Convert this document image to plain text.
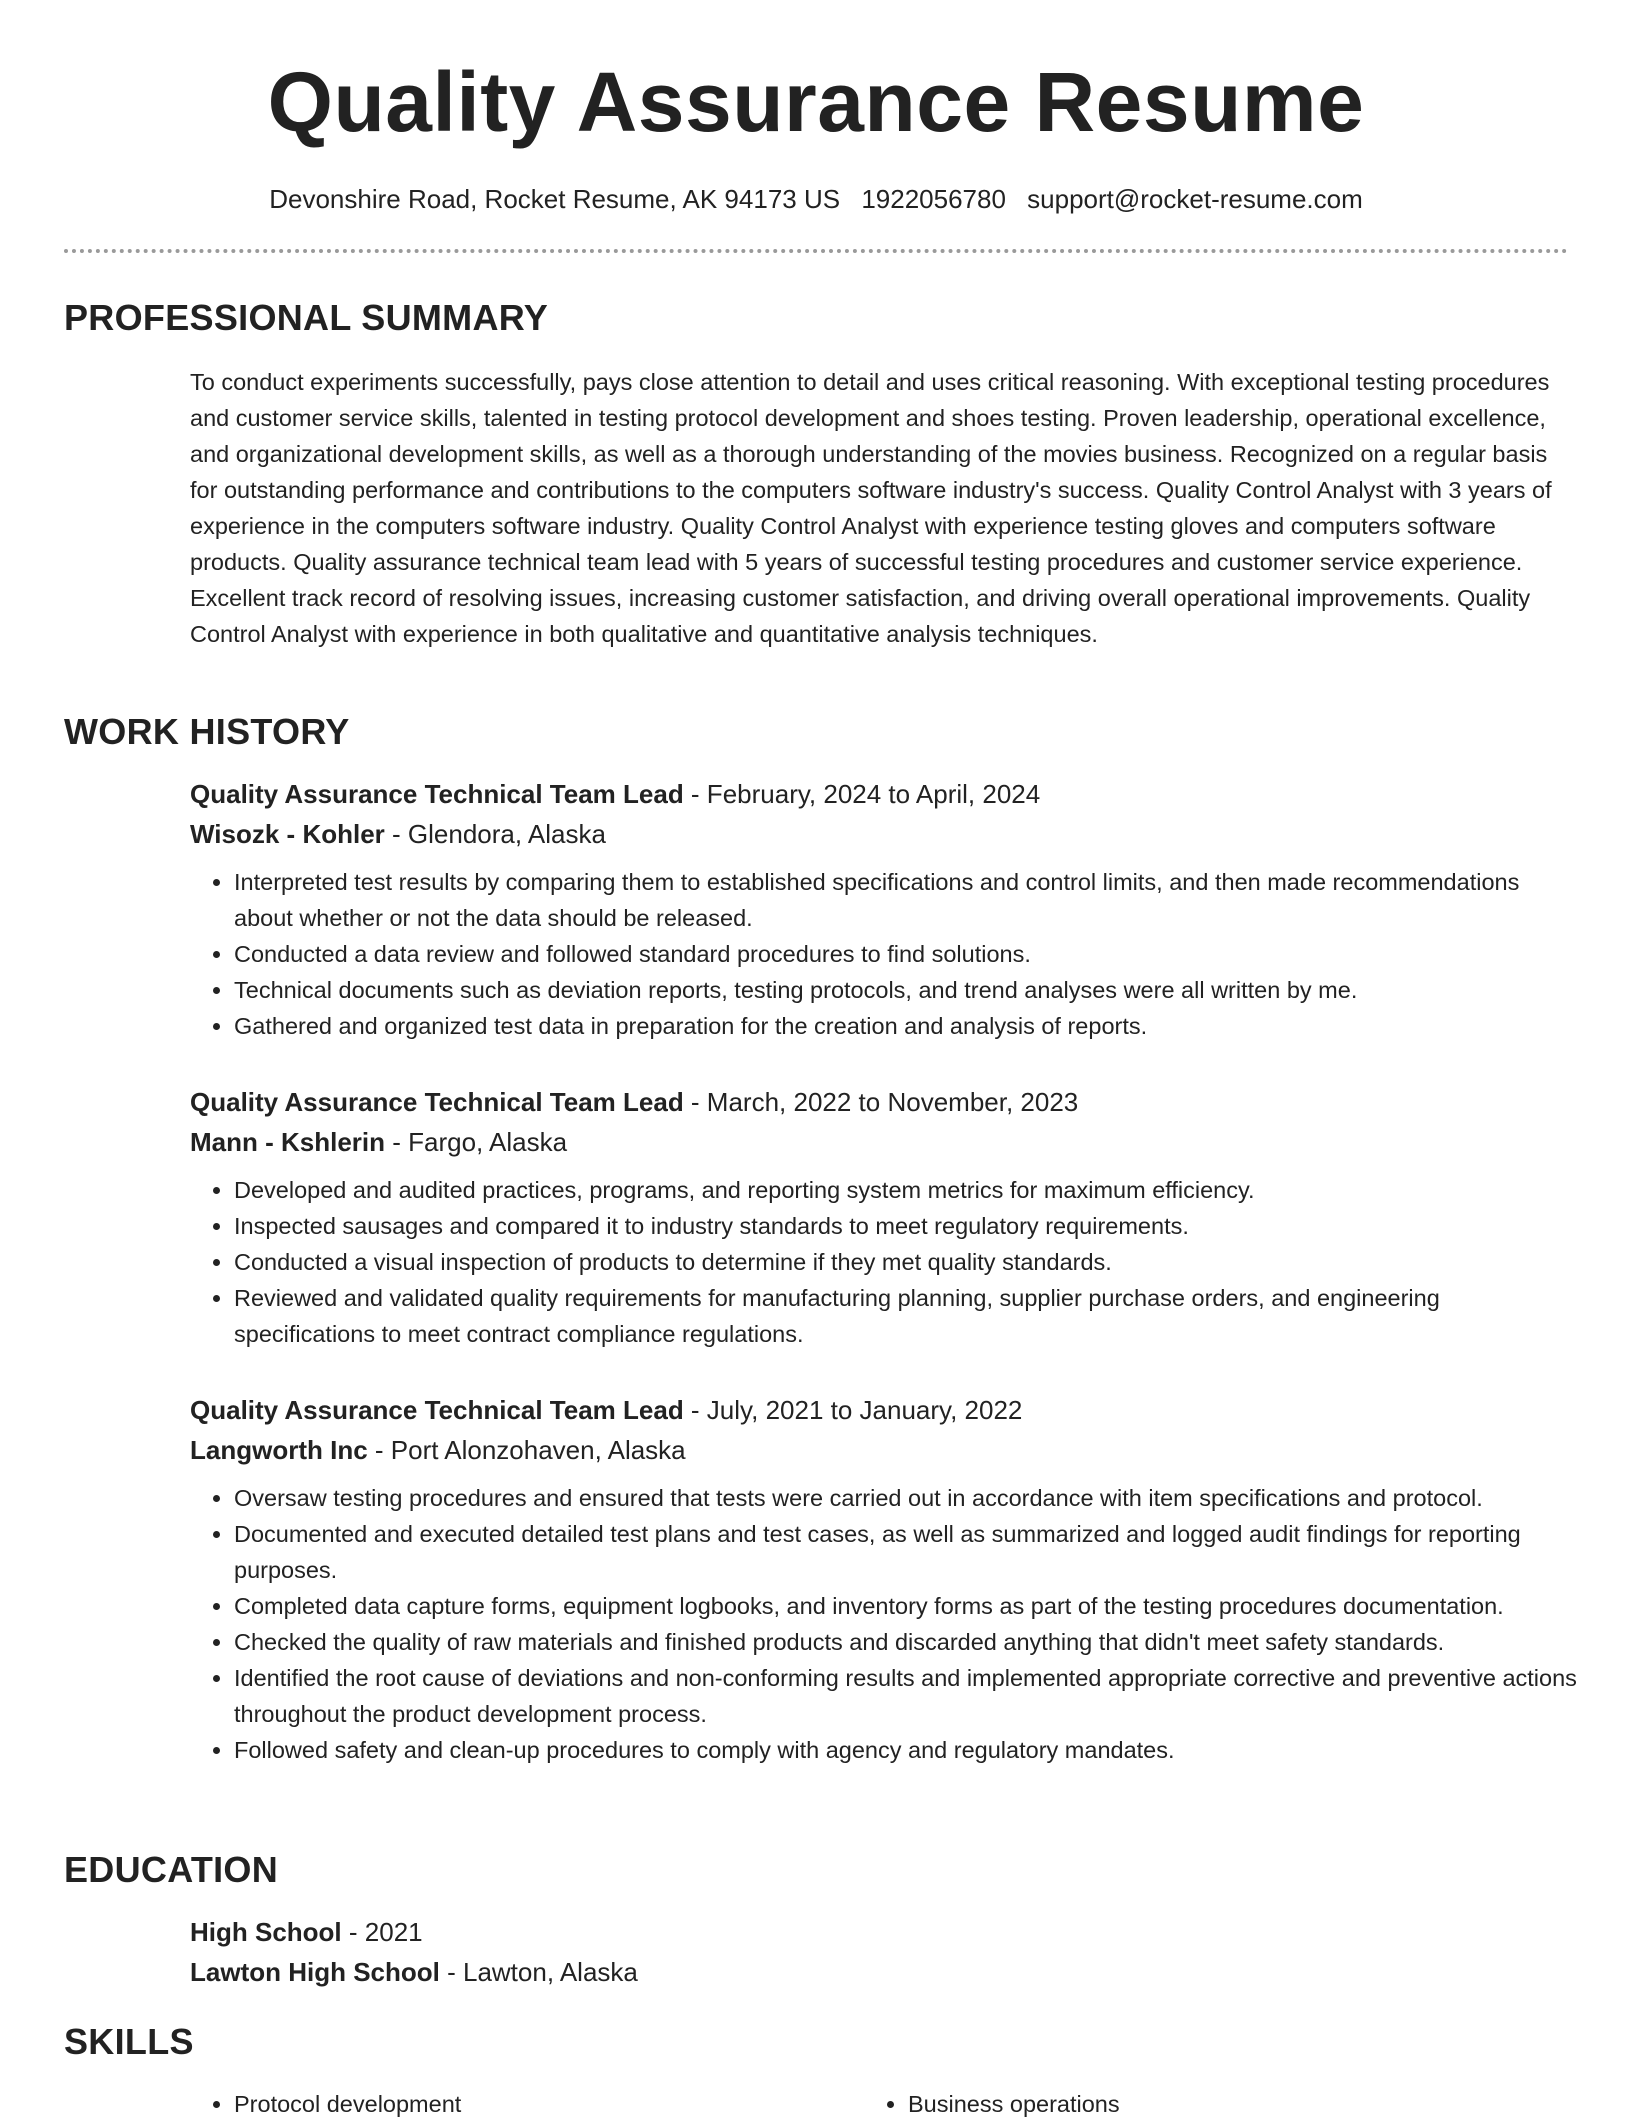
Quality Assurance Resume
Devonshire Road, Rocket Resume, AK 94173 US 1922056780 support@rocket-resume.com
PROFESSIONAL SUMMARY

To conduct experiments successfully, pays close attention to detail and uses critical reasoning. With exceptional testing procedures and customer service skills, talented in testing protocol development and shoes testing. Proven leadership, operational excellence, and organizational development skills, as well as a thorough understanding of the movies business. Recognized on a regular basis for outstanding performance and contributions to the computers software industry's success. Quality Control Analyst with 3 years of experience in the computers software industry. Quality Control Analyst with experience testing gloves and computers software products. Quality assurance technical team lead with 5 years of successful testing procedures and customer service experience. Excellent track record of resolving issues, increasing customer satisfaction, and driving overall operational improvements. Quality Control Analyst with experience in both qualitative and quantitative analysis techniques.

WORK HISTORY
Quality Assurance Technical Team Lead - February, 2024 to April, 2024
Wisozk - Kohler - Glendora, Alaska
• Interpreted test results by comparing them to established specifications and control limits, and then made recommendations about whether or not the data should be released.
• Conducted a data review and followed standard procedures to find solutions.
• Technical documents such as deviation reports, testing protocols, and trend analyses were all written by me.
• Gathered and organized test data in preparation for the creation and analysis of reports.
Quality Assurance Technical Team Lead - March, 2022 to November, 2023
Mann - Kshlerin - Fargo, Alaska
• Developed and audited practices, programs, and reporting system metrics for maximum efficiency.
• Inspected sausages and compared it to industry standards to meet regulatory requirements.
• Conducted a visual inspection of products to determine if they met quality standards.
• Reviewed and validated quality requirements for manufacturing planning, supplier purchase orders, and engineering specifications to meet contract compliance regulations.
Quality Assurance Technical Team Lead - July, 2021 to January, 2022
Langworth Inc - Port Alonzohaven, Alaska
• Oversaw testing procedures and ensured that tests were carried out in accordance with item specifications and protocol.
• Documented and executed detailed test plans and test cases, as well as summarized and logged audit findings for reporting purposes.
• Completed data capture forms, equipment logbooks, and inventory forms as part of the testing procedures documentation.
• Checked the quality of raw materials and finished products and discarded anything that didn't meet safety standards.
• Identified the root cause of deviations and non-conforming results and implemented appropriate corrective and preventive actions throughout the product development process.
• Followed safety and clean-up procedures to comply with agency and regulatory mandates.
EDUCATION
High School - 2021
Lawton High School - Lawton, Alaska
SKILLS
• Protocol development
•	Business operations
